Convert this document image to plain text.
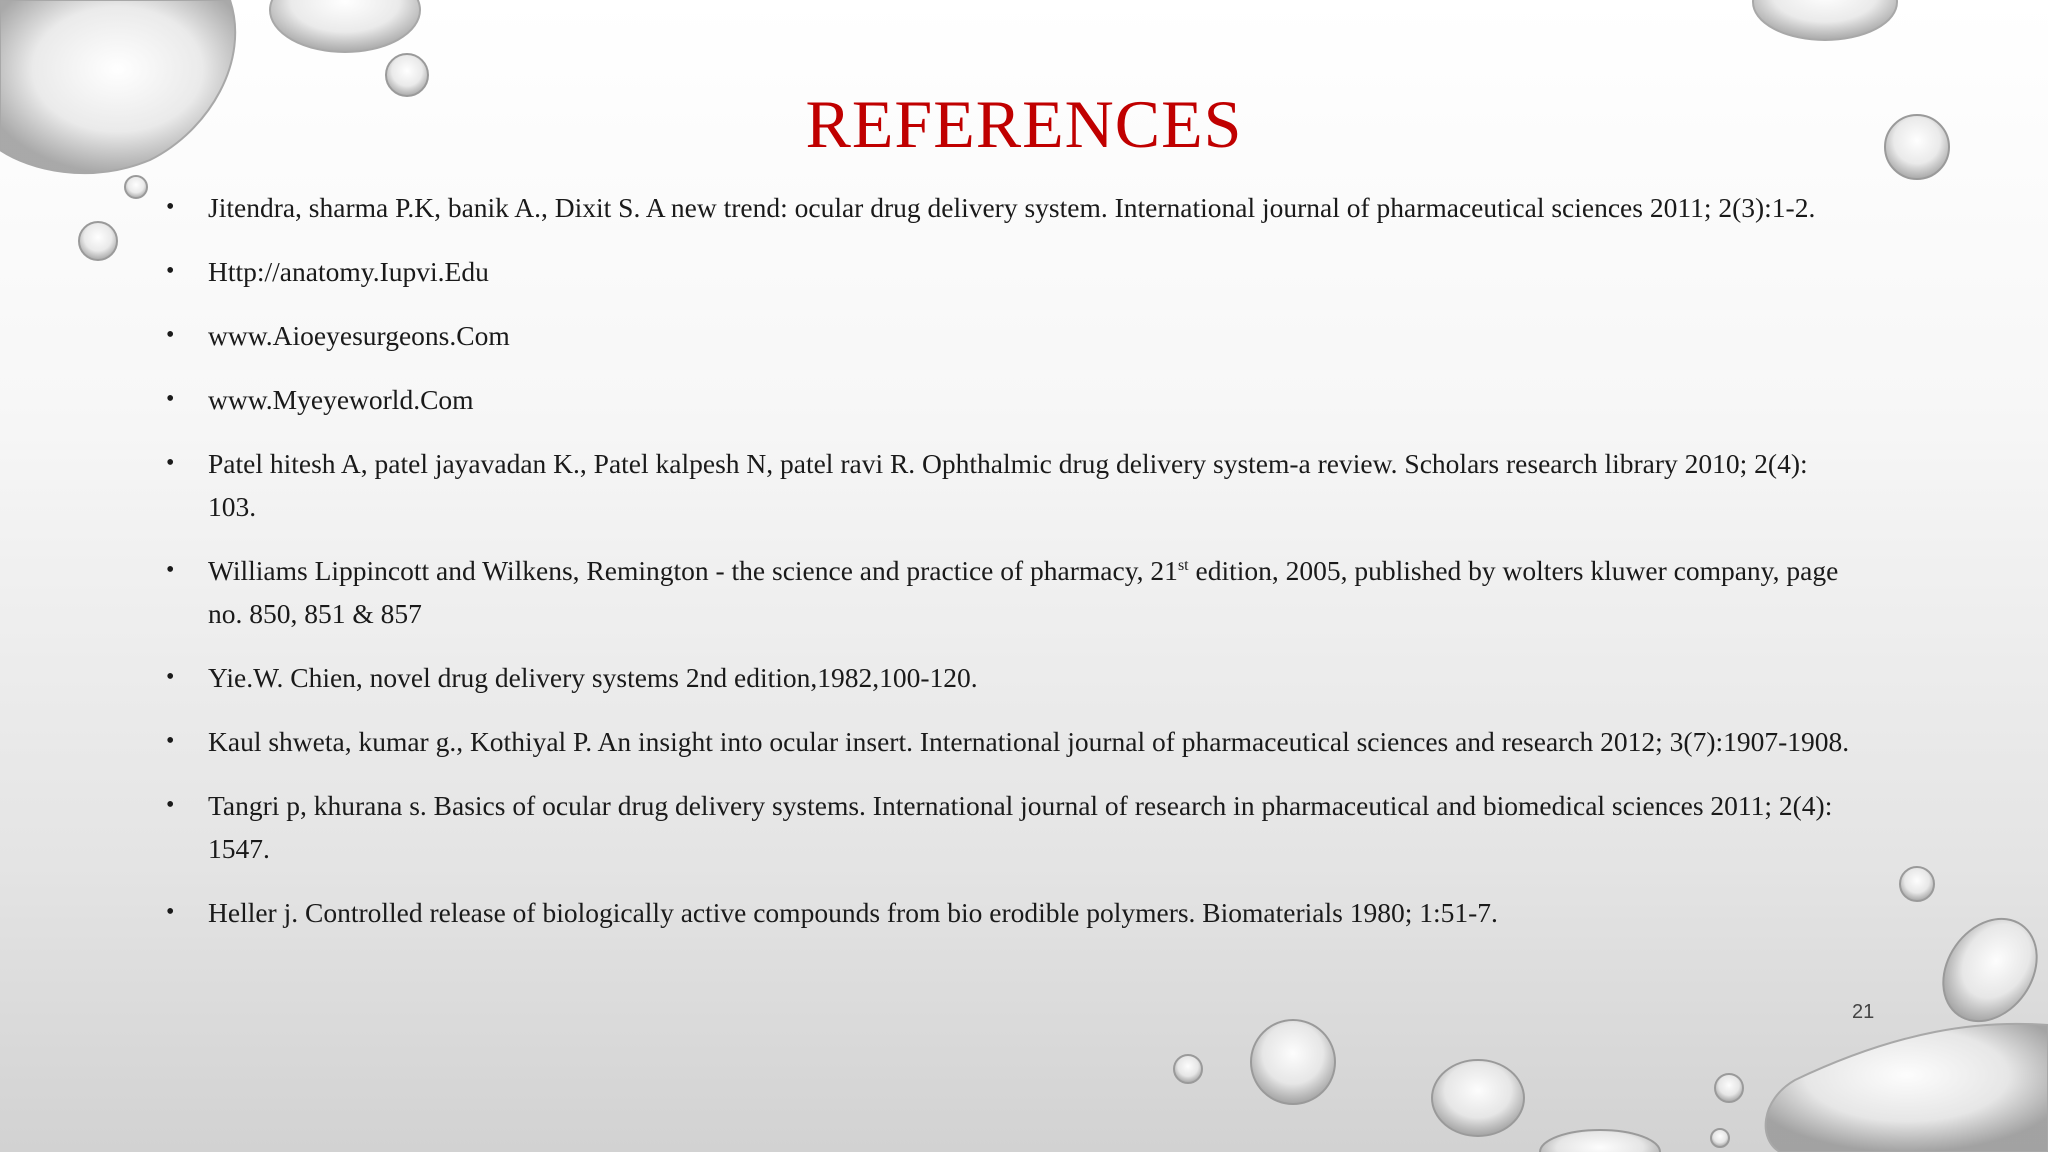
REFERENCES
• Jitendra, sharma P.K, banik A., Dixit S. A new trend: ocular drug delivery system. International journal of pharmaceutical sciences 2011; 2(3):1-2.
• Http://anatomy.Iupvi.Edu
• www.Aioeyesurgeons.Com
• www.Myeyeworld.Com
• Patel hitesh A, patel jayavadan K., Patel kalpesh N, patel ravi R. Ophthalmic drug delivery system-a review. Scholars research library 2010; 2(4): 103.
• Williams Lippincott and Wilkens, Remington - the science and practice of pharmacy, 21st edition, 2005, published by wolters kluwer company, page no. 850, 851 & 857
• Yie.W. Chien, novel drug delivery systems 2nd edition,1982,100-120.
• Kaul shweta, kumar g., Kothiyal P. An insight into ocular insert. International journal of pharmaceutical sciences and research 2012; 3(7):1907-1908.
• Tangri p, khurana s. Basics of ocular drug delivery systems. International journal of research in pharmaceutical and biomedical sciences 2011; 2(4): 1547.
• Heller j. Controlled release of biologically active compounds from bio erodible polymers. Biomaterials 1980; 1:51-7.
21
